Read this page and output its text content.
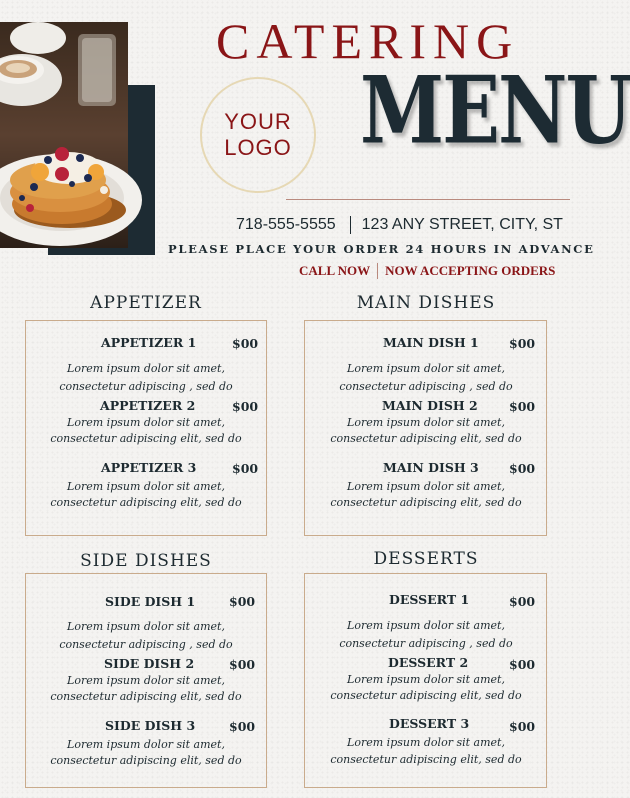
YOUR
LOGO
CATERING
MENU
718-555-5555 123 ANY STREET, CITY, ST
PLEASE PLACE YOUR ORDER 24 HOURS IN ADVANCE
CALL NOW NOW ACCEPTING ORDERS
APPETIZER
APPETIZER 1	$00
Lorem ipsum dolor sit amet,
consectetur adipiscing , sed do
APPETIZER 2	$00
Lorem ipsum dolor sit amet,
consectetur adipiscing elit, sed do
APPETIZER 3	$00
Lorem ipsum dolor sit amet,
consectetur adipiscing elit, sed do
MAIN DISHES
MAIN DISH 1 $00
Lorem ipsum dolor sit amet,
consectetur adipiscing , sed do
MAIN DISH 2	$00
Lorem ipsum dolor sit amet,
consectetur adipiscing elit, sed do
MAIN DISH 3 $00
Lorem ipsum dolor sit amet,
consectetur adipiscing elit, sed do
SIDE DISHES
SIDE DISH 1	$00
Lorem ipsum dolor sit amet,
consectetur adipiscing , sed do
SIDE DISH 2	$00
Lorem ipsum dolor sit amet,
consectetur adipiscing elit, sed do
SIDE DISH 3	$00
Lorem ipsum dolor sit amet,
consectetur adipiscing elit, sed do
DESSERTS
DESSERT 1	$00
Lorem ipsum dolor sit amet,
consectetur adipiscing , sed do
DESSERT 2	$00
Lorem ipsum dolor sit amet,
consectetur adipiscing elit, sed do
DESSERT 3	$00
Lorem ipsum dolor sit amet,
consectetur adipiscing elit, sed do
